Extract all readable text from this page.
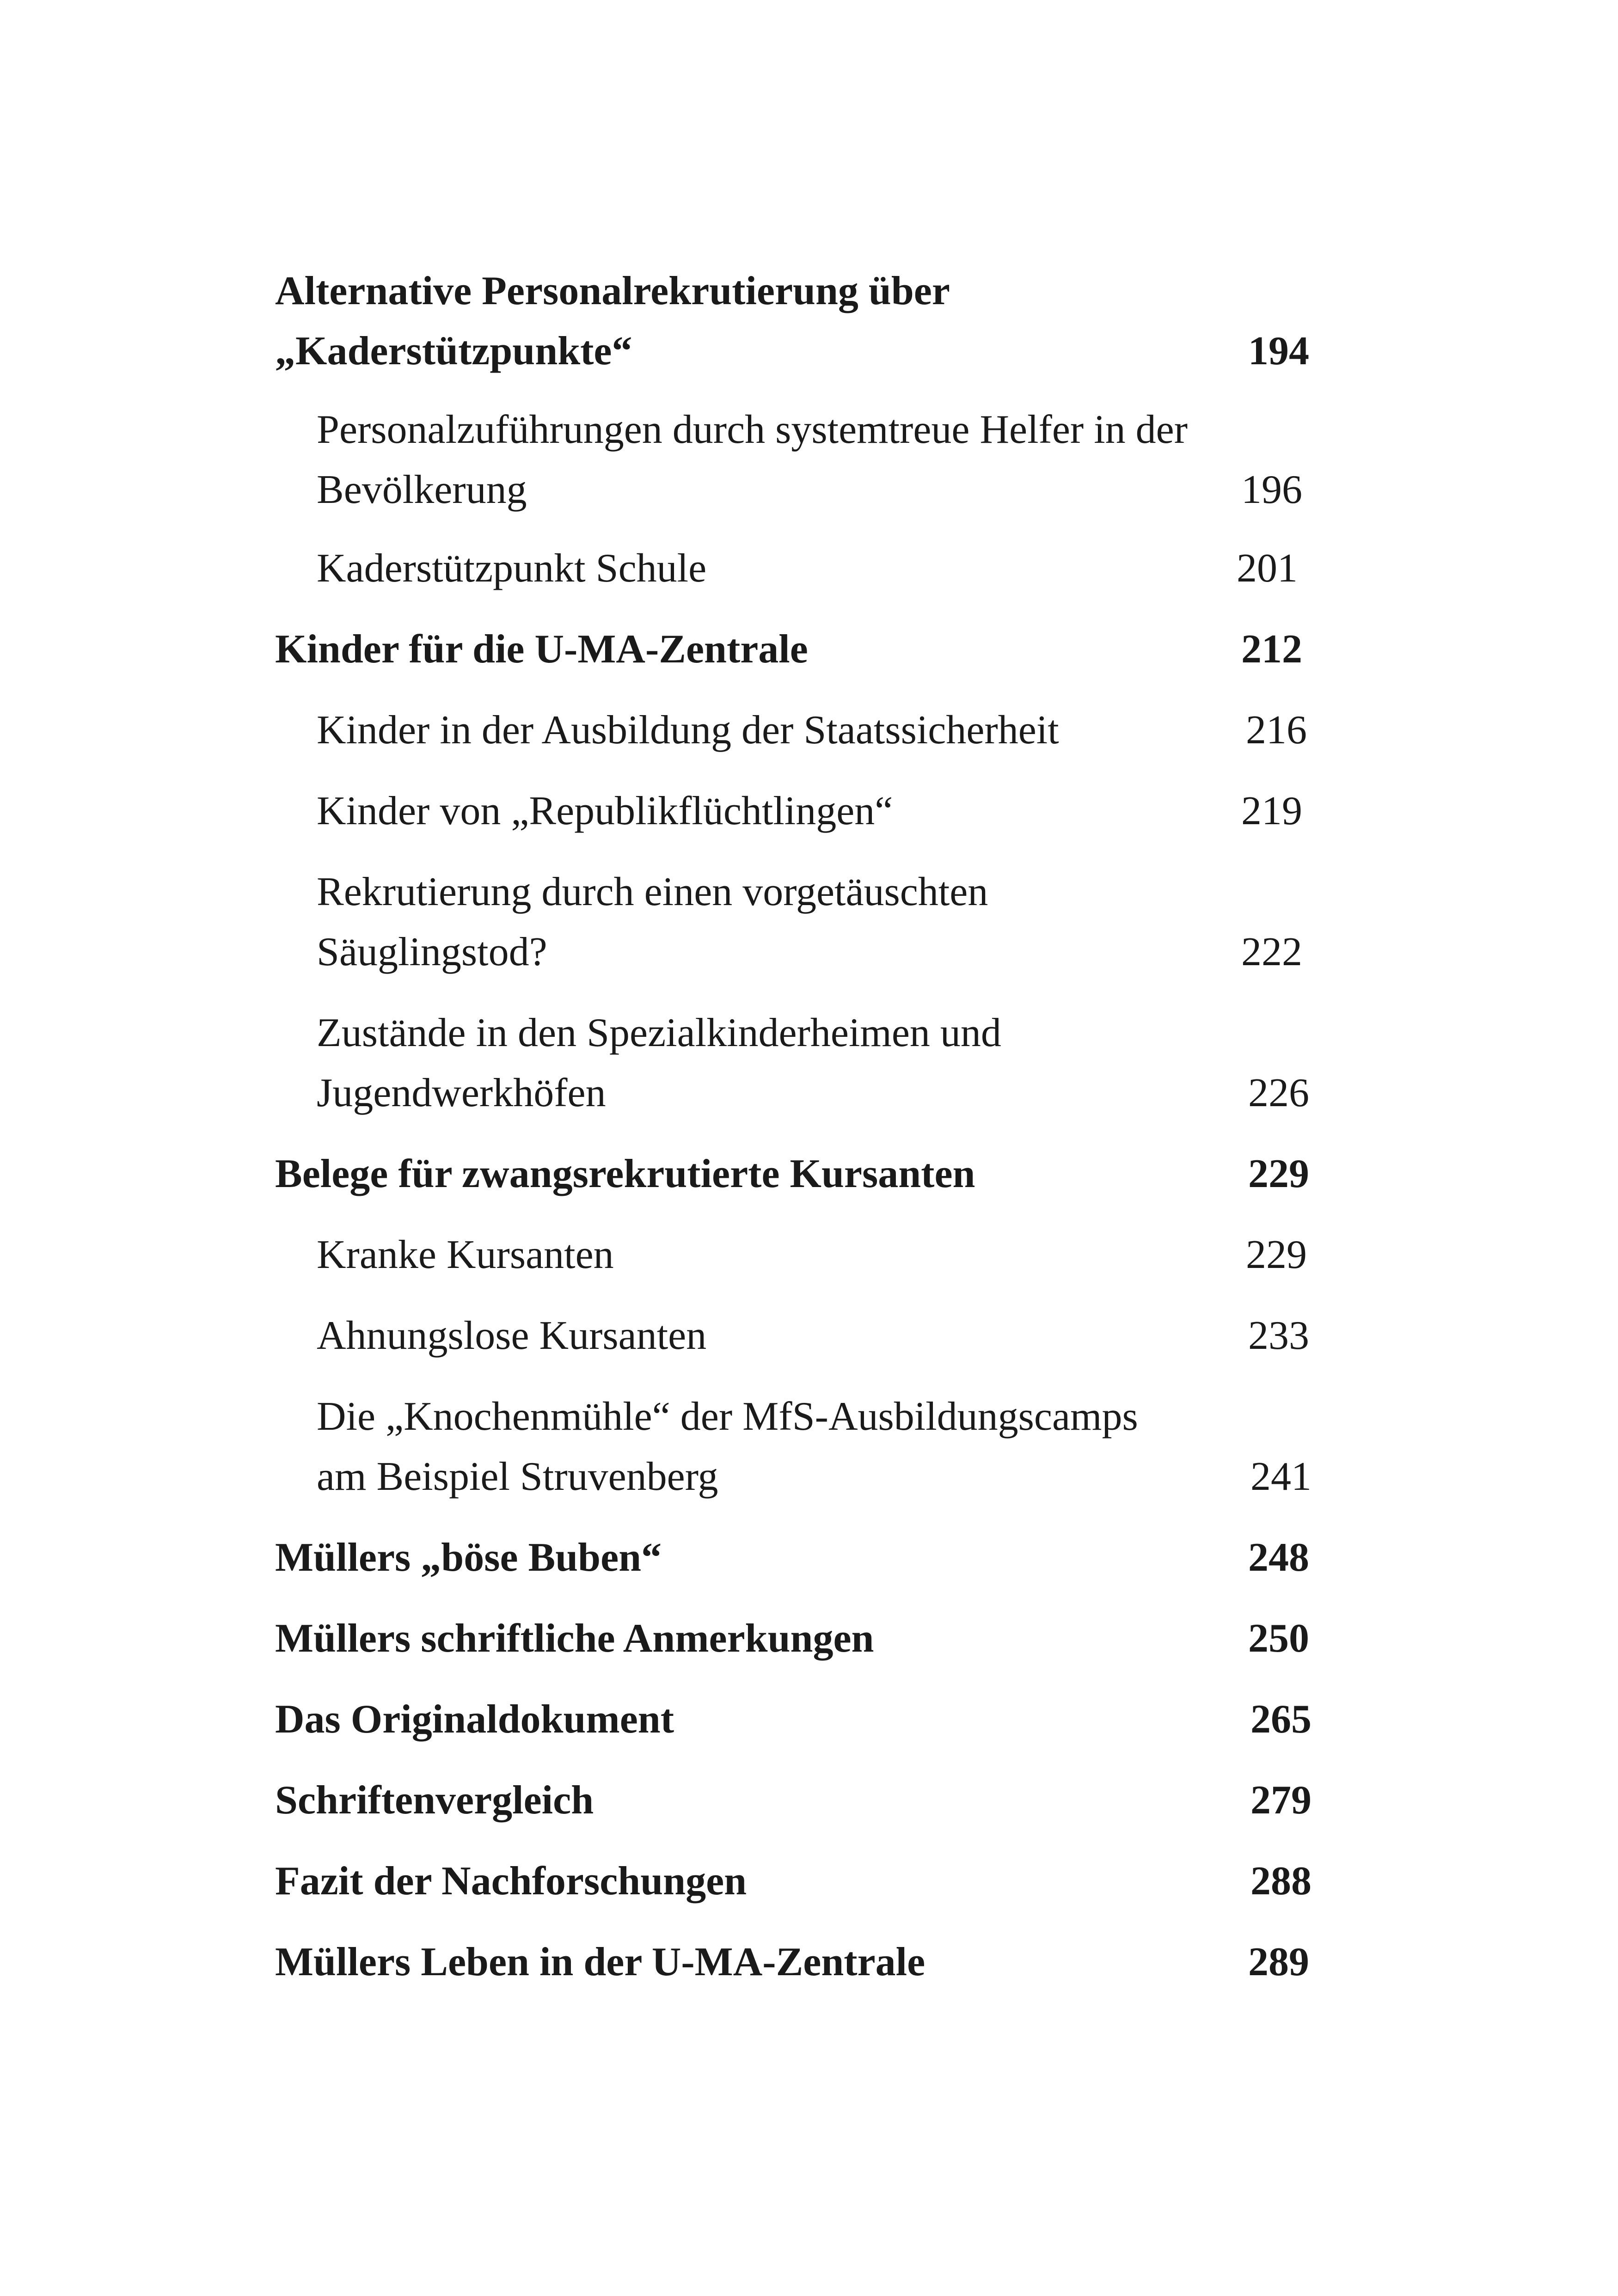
Alternative Personalrekrutierung über
„Kaderstützpunkte“	194
Personalzuführungen durch systemtreue Helfer in der
Bevölkerung	196
Kaderstützpunkt Schule	201
Kinder für die U-MA-Zentrale	212
Kinder in der Ausbildung der Staatssicherheit	216
Kinder von „Republikflüchtlingen“	219
Rekrutierung durch einen vorgetäuschten
Säuglingstod?	222
Zustände in den Spezialkinderheimen und
Jugendwerkhöfen	226
Belege für zwangsrekrutierte Kursanten	229
Kranke Kursanten	229
Ahnungslose Kursanten	233
Die „Knochenmühle“ der MfS-Ausbildungscamps
am Beispiel Struvenberg	241
Müllers „böse Buben“	248
Müllers schriftliche Anmerkungen	250
Das Originaldokument	265
Schriftenvergleich	279
Fazit der Nachforschungen	288
Müllers Leben in der U-MA-Zentrale	289
